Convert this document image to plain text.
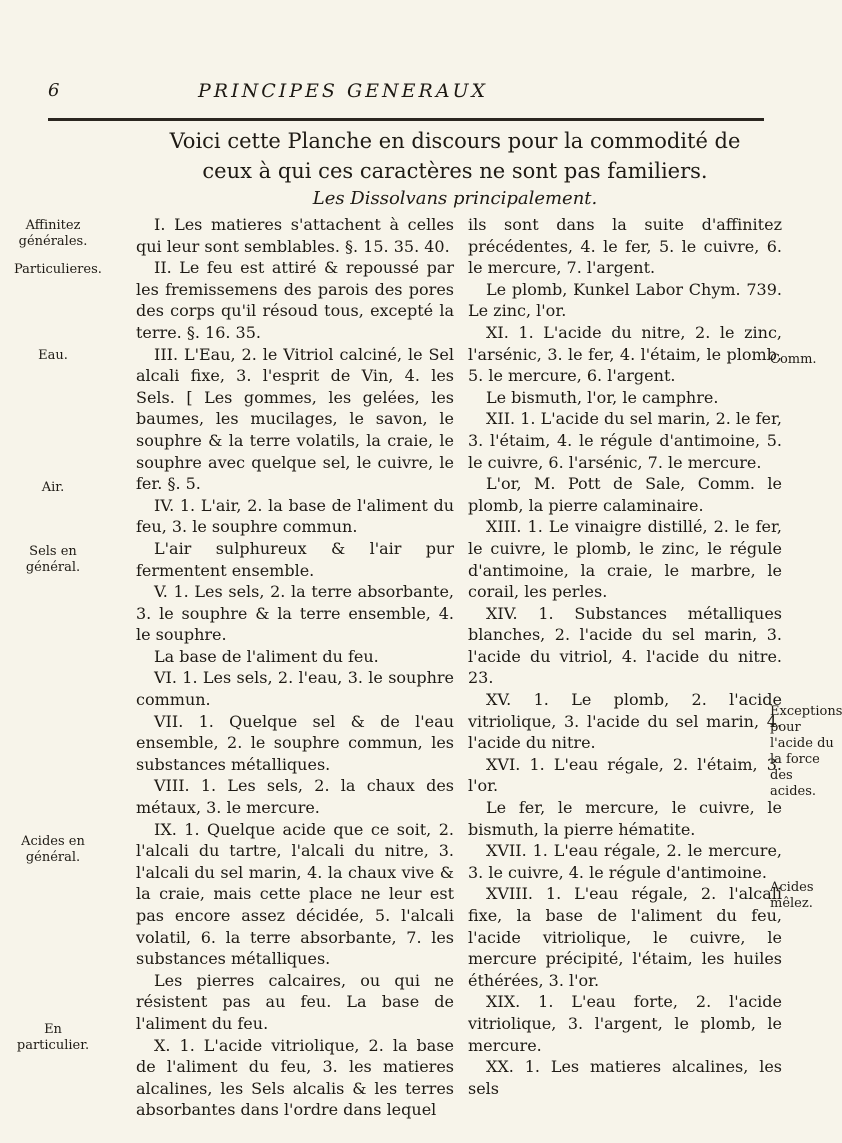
6	PRINCIPES GENERAUX
Voici cette Planche en discours pour la commodité de ceux à qui ces caractères ne sont pas familiers.
Les Dissolvans principalement.

I. Les matieres s'attachent à celles qui leur sont semblables. §. 15. 35. 40.

II. Le feu est attiré & repoussé par les fremissemens des parois des pores des corps qu'il résoud tous, excepté la terre. §. 16. 35.

III. L'Eau, 2. le Vitriol calciné, le Sel alcali fixe, 3. l'esprit de Vin, 4. les Sels. [ Les gommes, les gelées, les baumes, les mucilages, le savon, le souphre & la terre volatils, la craie, le souphre avec quelque sel, le cuivre, le fer. §. 5.

IV. 1. L'air, 2. la base de l'aliment du feu, 3. le souphre commun.

L'air sulphureux & l'air pur fermentent ensemble.

V. 1. Les sels, 2. la terre absorbante, 3. le souphre & la terre ensemble, 4. le souphre.

La base de l'aliment du feu.

VI. 1. Les sels, 2. l'eau, 3. le souphre commun.

VII. 1. Quelque sel & de l'eau ensemble, 2. le souphre commun, les substances métalliques.

VIII. 1. Les sels, 2. la chaux des métaux, 3. le mercure.

IX. 1. Quelque acide que ce soit, 2. l'alcali du tartre, l'alcali du nitre, 3. l'alcali du sel marin, 4. la chaux vive & la craie, mais cette place ne leur est pas encore assez décidée, 5. l'alcali volatil, 6. la terre absorbante, 7. les substances métalliques.

Les pierres calcaires, ou qui ne résistent pas au feu. La base de l'aliment du feu.

X. 1. L'acide vitriolique, 2. la base de l'aliment du feu, 3. les matieres alcalines, les Sels alcalis & les terres absorbantes dans l'ordre dans lequel

ils sont dans la suite d'affinitez précédentes, 4. le fer, 5. le cuivre, 6. le mercure, 7. l'argent.

Le plomb, Kunkel Labor Chym. 739. Le zinc, l'or.

XI. 1. L'acide du nitre, 2. le zinc, l'arsénic, 3. le fer, 4. l'étaim, le plomb, 5. le mercure, 6. l'argent.

Le bismuth, l'or, le camphre.

XII. 1. L'acide du sel marin, 2. le fer, 3. l'étaim, 4. le régule d'antimoine, 5. le cuivre, 6. l'arsénic, 7. le mercure.

L'or, M. Pott de Sale, Comm. le plomb, la pierre calaminaire.

XIII. 1. Le vinaigre distillé, 2. le fer, le cuivre, le plomb, le zinc, le régule d'antimoine, la craie, le marbre, le corail, les perles.

XIV. 1. Substances métalliques blanches, 2. l'acide du sel marin, 3. l'acide du vitriol, 4. l'acide du nitre. 23.

XV. 1. Le plomb, 2. l'acide vitriolique, 3. l'acide du sel marin, 4. l'acide du nitre.

XVI. 1. L'eau régale, 2. l'étaim, 3. l'or.

Le fer, le mercure, le cuivre, le bismuth, la pierre hématite.

XVII. 1. L'eau régale, 2. le mercure, 3. le cuivre, 4. le régule d'antimoine.

XVIII. 1. L'eau régale, 2. l'alcali fixe, la base de l'aliment du feu, l'acide vitriolique, le cuivre, le mercure précipité, l'étaim, les huiles éthérées, 3. l'or.

XIX. 1. L'eau forte, 2. l'acide vitriolique, 3. l'argent, le plomb, le mercure.

XX. 1. Les matieres alcalines, les sels

Affinitez générales.
Particulieres.
Eau.
Air.
Sels en général.
Acides en général.
En particulier.
Comm.
Exceptions pour l'acide du la force des acides.
Acides mêlez.
